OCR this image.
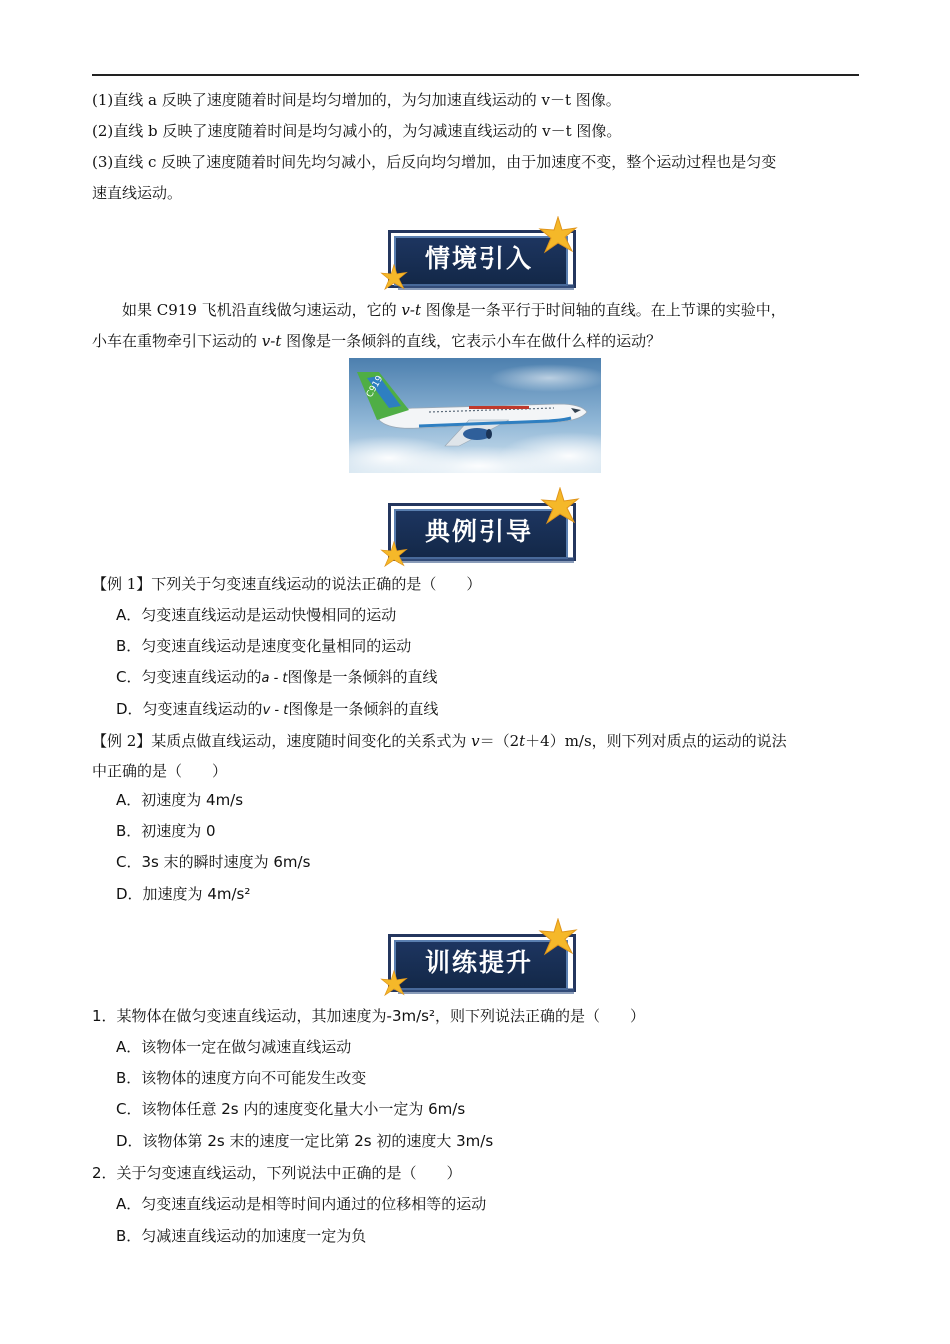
(1)直线 a 反映了速度随着时间是均匀增加的，为匀加速直线运动的 v－t 图像。
(2)直线 b 反映了速度随着时间是均匀减小的，为匀减速直线运动的 v－t 图像。
(3)直线 c 反映了速度随着时间先均匀减小，后反向均匀增加，由于加速度不变，整个运动过程也是匀变
速直线运动。
情境引入
如果 C919 飞机沿直线做匀速运动，它的 v-t 图像是一条平行于时间轴的直线。在上节课的实验中，
小车在重物牵引下运动的 v-t 图像是一条倾斜的直线，它表示小车在做什么样的运动？
C919
典例引导
【例 1】下列关于匀变速直线运动的说法正确的是（　　）
A．匀变速直线运动是运动快慢相同的运动
B．匀变速直线运动是速度变化量相同的运动
C．匀变速直线运动的a - t图像是一条倾斜的直线
D．匀变速直线运动的v - t图像是一条倾斜的直线
【例 2】某质点做直线运动，速度随时间变化的关系式为 v＝（2t＋4）m/s，则下列对质点的运动的说法
中正确的是（　　）
A．初速度为 4m/s
B．初速度为 0
C．3s 末的瞬时速度为 6m/s
D．加速度为 4m/s²
训练提升
1．某物体在做匀变速直线运动，其加速度为-3m/s²，则下列说法正确的是（　　）
A．该物体一定在做匀减速直线运动
B．该物体的速度方向不可能发生改变
C．该物体任意 2s 内的速度变化量大小一定为 6m/s
D．该物体第 2s 末的速度一定比第 2s 初的速度大 3m/s
2．关于匀变速直线运动，下列说法中正确的是（　　）
A．匀变速直线运动是相等时间内通过的位移相等的运动
B．匀减速直线运动的加速度一定为负
